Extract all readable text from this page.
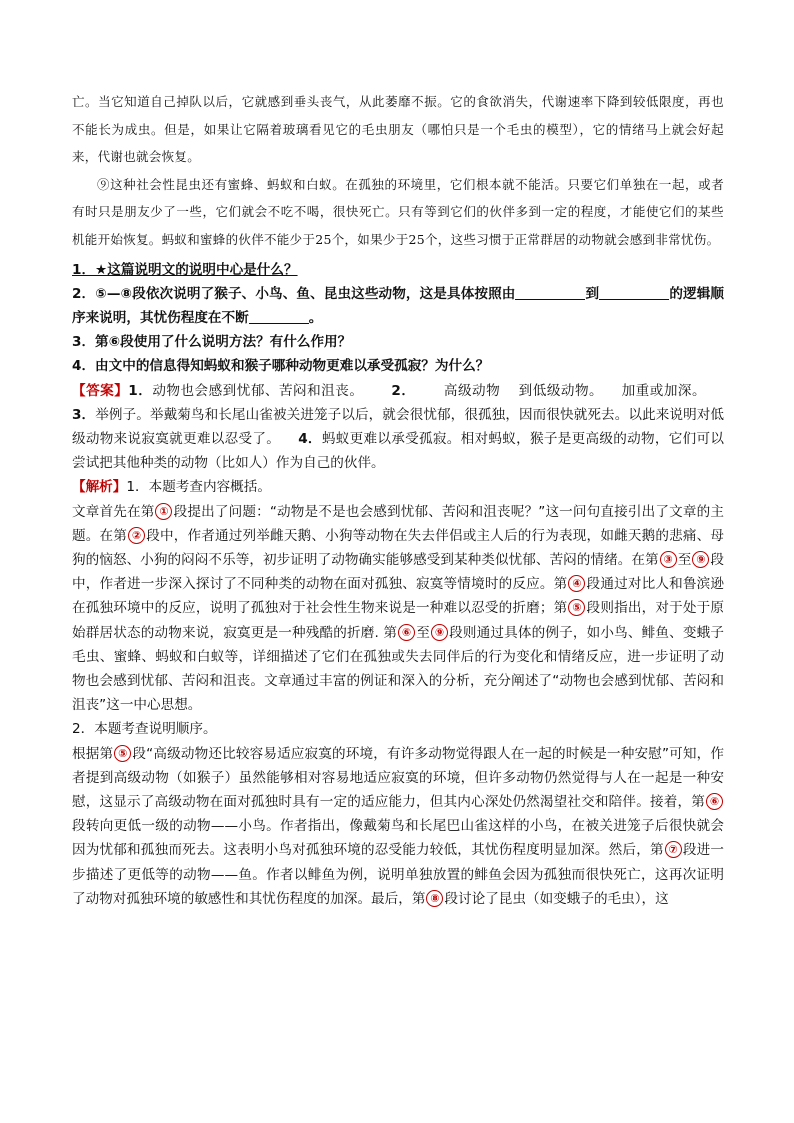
亡。当它知道自己掉队以后，它就感到垂头丧气，从此萎靡不振。它的食欲消失，代谢速率下降到较低限度，再也不能长为成虫。但是，如果让它隔着玻璃看见它的毛虫朋友（哪怕只是一个毛虫的模型），它的情绪马上就会好起来，代谢也就会恢复。

⑨这种社会性昆虫还有蜜蜂、蚂蚁和白蚁。在孤独的环境里，它们根本就不能活。只要它们单独在一起，或者有时只是朋友少了一些，它们就会不吃不喝，很快死亡。只有等到它们的伙伴多到一定的程度，才能使它们的某些机能开始恢复。蚂蚁和蜜蜂的伙伴不能少于25个，如果少于25个，这些习惯于正常群居的动物就会感到非常忧伤。

1．★这篇说明文的说明中心是什么？

2．⑤—⑧段依次说明了猴子、小鸟、鱼、昆虫这些动物，这是具体按照由	到	的逻辑顺序来说明，其忧伤程度在不断	。

3．第⑥段使用了什么说明方法？有什么作用？

4．由文中的信息得知蚂蚁和猴子哪种动物更难以承受孤寂？为什么？

【答案】1．动物也会感到忧郁、苦闷和沮丧。 2． 高级动物 到低级动物。 加重或加深。3．举例子。举戴菊鸟和长尾山雀被关进笼子以后，就会很忧郁，很孤独，因而很快就死去。以此来说明对低级动物来说寂寞就更难以忍受了。 4．蚂蚁更难以承受孤寂。相对蚂蚁，猴子是更高级的动物，它们可以尝试把其他种类的动物（比如人）作为自己的伙伴。

【解析】1．本题考查内容概括。

文章首先在第 ① 段提出了问题：“动物是不是也会感到忧郁、苦闷和沮丧呢？”这一问句直接引出了文章的主题。在第 ② 段中，作者通过列举雌天鹅、小狗等动物在失去伴侣或主人后的行为表现，如雌天鹅的悲痛、母狗的恼怒、小狗的闷闷不乐等，初步证明了动物确实能够感受到某种类似忧郁、苦闷的情绪。在第 ③ 至 ⑨ 段中，作者进一步深入探讨了不同种类的动物在面对孤独、寂寞等情境时的反应。第 ④ 段通过对比人和鲁滨逊在孤独环境中的反应，说明了孤独对于社会性生物来说是一种难以忍受的折磨；第 ⑤ 段则指出，对于处于原始群居状态的动物来说，寂寞更是一种残酷的折磨. 第 ⑥ 至 ⑨ 段则通过具体的例子，如小鸟、鲱鱼、变蛾子毛虫、蜜蜂、蚂蚁和白蚁等，详细描述了它们在孤独或失去同伴后的行为变化和情绪反应，进一步证明了动物也会感到忧郁、苦闷和沮丧。文章通过丰富的例证和深入的分析，充分阐述了“动物也会感到忧郁、苦闷和沮丧”这一中心思想。

2．本题考查说明顺序。

根据第 ⑤ 段“高级动物还比较容易适应寂寞的环境，有许多动物觉得跟人在一起的时候是一种安慰”可知，作者提到高级动物（如猴子）虽然能够相对容易地适应寂寞的环境，但许多动物仍然觉得与人在一起是一种安慰，这显示了高级动物在面对孤独时具有一定的适应能力，但其内心深处仍然渴望社交和陪伴。接着，第 ⑥段转向更低一级的动物——小鸟。作者指出，像戴菊鸟和长尾巴山雀这样的小鸟，在被关进笼子后很快就会因为忧郁和孤独而死去。这表明小鸟对孤独环境的忍受能力较低，其忧伤程度明显加深。然后，第 ⑦ 段进一步描述了更低等的动物——鱼。作者以鲱鱼为例，说明单独放置的鲱鱼会因为孤独而很快死亡，这再次证明了动物对孤独环境的敏感性和其忧伤程度的加深。最后，第 ⑧ 段讨论了昆虫（如变蛾子的毛虫），这
